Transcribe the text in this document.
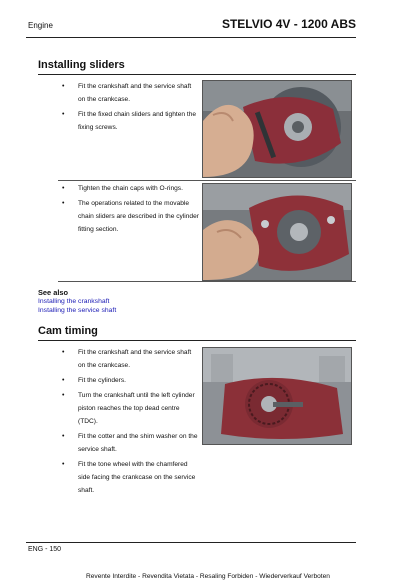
Engine	STELVIO 4V - 1200 ABS
Installing sliders
• Fit the crankshaft and the service shaft on the crankcase.
• Fit the fixed chain sliders and tighten the fixing screws.
• Tighten the chain caps with O-rings.
• The operations related to the movable chain sliders are described in the cylinder fitting section.
See also
Installing the crankshaft
Installing the service shaft
Cam timing
• Fit the crankshaft and the service shaft on the crankcase.
• Fit the cylinders.
• Turn the crankshaft until the left cylinder piston reaches the top dead centre (TDC).
• Fit the cotter and the shim washer on the service shaft.
• Fit the tone wheel with the chamfered side facing the crankcase on the service shaft.
ENG - 150
Revente Interdite - Revendita Vietata - Resaling Forbiden - Wiederverkauf Verboten
